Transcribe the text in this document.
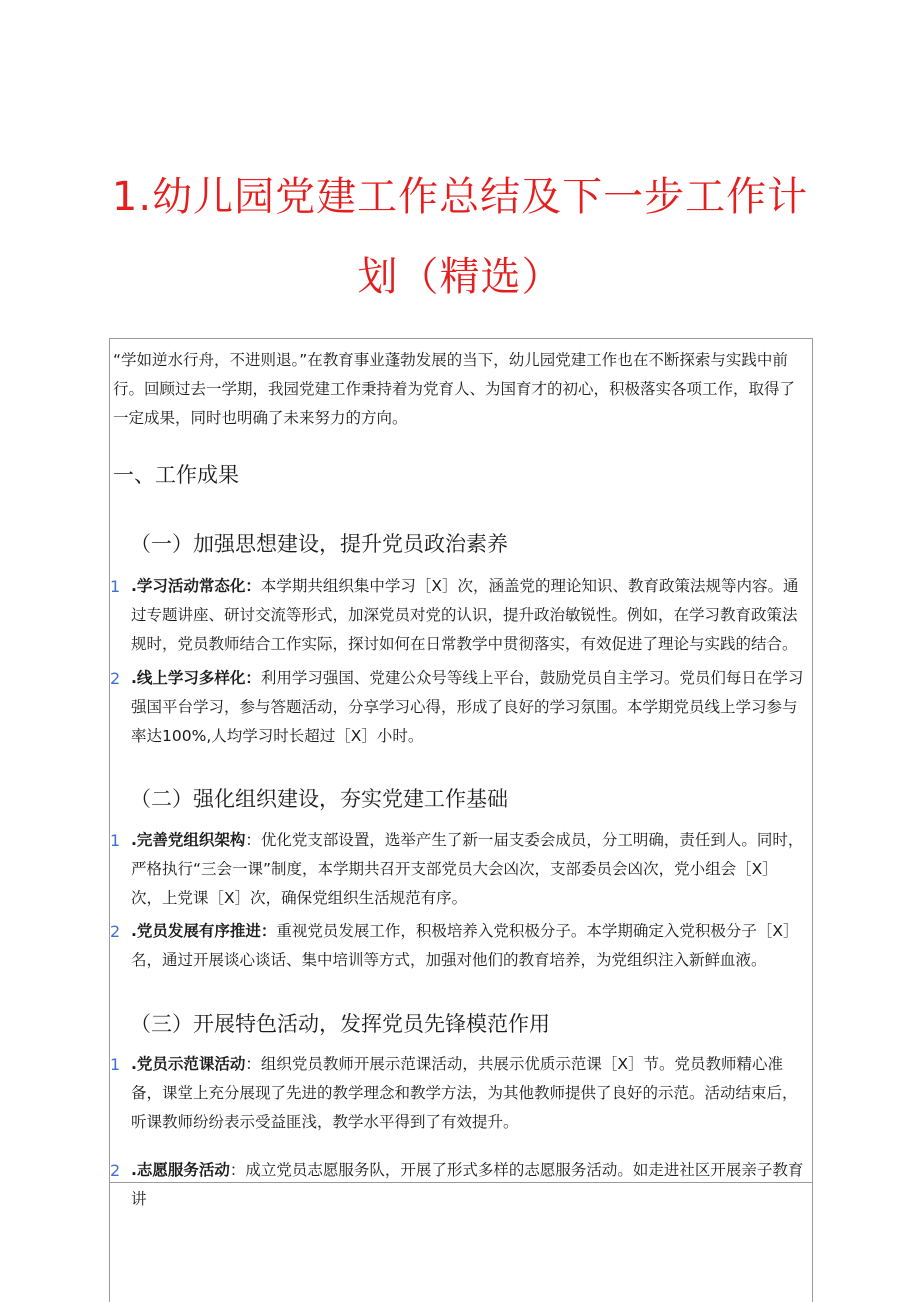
1.幼儿园党建工作总结及下一步工作计
划（精选）
“学如逆水行舟，不进则退。”在教育事业蓬勃发展的当下，幼儿园党建工作也在不断探索与实践中前行。回顾过去一学期，我园党建工作秉持着为党育人、为国育才的初心，积极落实各项工作，取得了一定成果，同时也明确了未来努力的方向。
一、工作成果
（一）加强思想建设，提升党员政治素养
1 .学习活动常态化：本学期共组织集中学习［X］次，涵盖党的理论知识、教育政策法规等内容。通过专题讲座、研讨交流等形式，加深党员对党的认识，提升政治敏锐性。例如，在学习教育政策法规时，党员教师结合工作实际，探讨如何在日常教学中贯彻落实，有效促进了理论与实践的结合。
2 .线上学习多样化：利用学习强国、党建公众号等线上平台，鼓励党员自主学习。党员们每日在学习强国平台学习，参与答题活动，分享学习心得，形成了良好的学习氛围。本学期党员线上学习参与率达100%,人均学习时长超过［X］小时。
（二）强化组织建设，夯实党建工作基础
1 .完善党组织架构：优化党支部设置，选举产生了新一届支委会成员，分工明确，责任到人。同时，严格执行“三会一课”制度，本学期共召开支部党员大会凶次，支部委员会凶次，党小组会［X］次，上党课［X］次，确保党组织生活规范有序。
2 .党员发展有序推进：重视党员发展工作，积极培养入党积极分子。本学期确定入党积极分子［X］名，通过开展谈心谈话、集中培训等方式，加强对他们的教育培养，为党组织注入新鲜血液。
（三）开展特色活动，发挥党员先锋模范作用
1 .党员示范课活动：组织党员教师开展示范课活动，共展示优质示范课［X］节。党员教师精心准备，课堂上充分展现了先进的教学理念和教学方法，为其他教师提供了良好的示范。活动结束后，听课教师纷纷表示受益匪浅，教学水平得到了有效提升。
2 .志愿服务活动：成立党员志愿服务队，开展了形式多样的志愿服务活动。如走进社区开展亲子教育讲
